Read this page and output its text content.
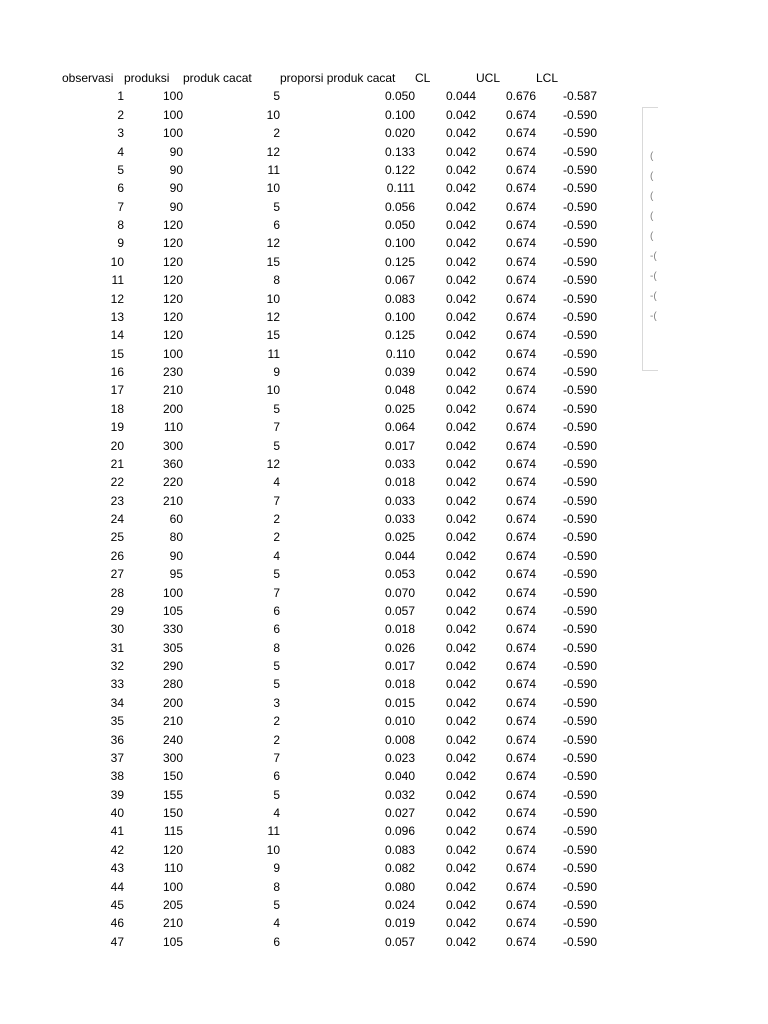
observasi	produksi	produk cacat	proporsi produk cacat	CL	UCL	LCL
1	100	5	0.050	0.044	0.676	-0.587
2	100	10	0.100	0.042	0.674	-0.590
3	100	2	0.020	0.042	0.674	-0.590
4	90	12	0.133	0.042	0.674	-0.590
5	90	11	0.122	0.042	0.674	-0.590
6	90	10	0.111	0.042	0.674	-0.590
7	90	5	0.056	0.042	0.674	-0.590
8	120	6	0.050	0.042	0.674	-0.590
9	120	12	0.100	0.042	0.674	-0.590
10	120	15	0.125	0.042	0.674	-0.590
11	120	8	0.067	0.042	0.674	-0.590
12	120	10	0.083	0.042	0.674	-0.590
13	120	12	0.100	0.042	0.674	-0.590
14	120	15	0.125	0.042	0.674	-0.590
15	100	11	0.110	0.042	0.674	-0.590
16	230	9	0.039	0.042	0.674	-0.590
17	210	10	0.048	0.042	0.674	-0.590
18	200	5	0.025	0.042	0.674	-0.590
19	110	7	0.064	0.042	0.674	-0.590
20	300	5	0.017	0.042	0.674	-0.590
21	360	12	0.033	0.042	0.674	-0.590
22	220	4	0.018	0.042	0.674	-0.590
23	210	7	0.033	0.042	0.674	-0.590
24	60	2	0.033	0.042	0.674	-0.590
25	80	2	0.025	0.042	0.674	-0.590
26	90	4	0.044	0.042	0.674	-0.590
27	95	5	0.053	0.042	0.674	-0.590
28	100	7	0.070	0.042	0.674	-0.590
29	105	6	0.057	0.042	0.674	-0.590
30	330	6	0.018	0.042	0.674	-0.590
31	305	8	0.026	0.042	0.674	-0.590
32	290	5	0.017	0.042	0.674	-0.590
33	280	5	0.018	0.042	0.674	-0.590
34	200	3	0.015	0.042	0.674	-0.590
35	210	2	0.010	0.042	0.674	-0.590
36	240	2	0.008	0.042	0.674	-0.590
37	300	7	0.023	0.042	0.674	-0.590
38	150	6	0.040	0.042	0.674	-0.590
39	155	5	0.032	0.042	0.674	-0.590
40	150	4	0.027	0.042	0.674	-0.590
41	115	11	0.096	0.042	0.674	-0.590
42	120	10	0.083	0.042	0.674	-0.590
43	110	9	0.082	0.042	0.674	-0.590
44	100	8	0.080	0.042	0.674	-0.590
45	205	5	0.024	0.042	0.674	-0.590
46	210	4	0.019	0.042	0.674	-0.590
47	105	6	0.057	0.042	0.674	-0.590
(
(
(
(
(
-(
-(
-(
-(
